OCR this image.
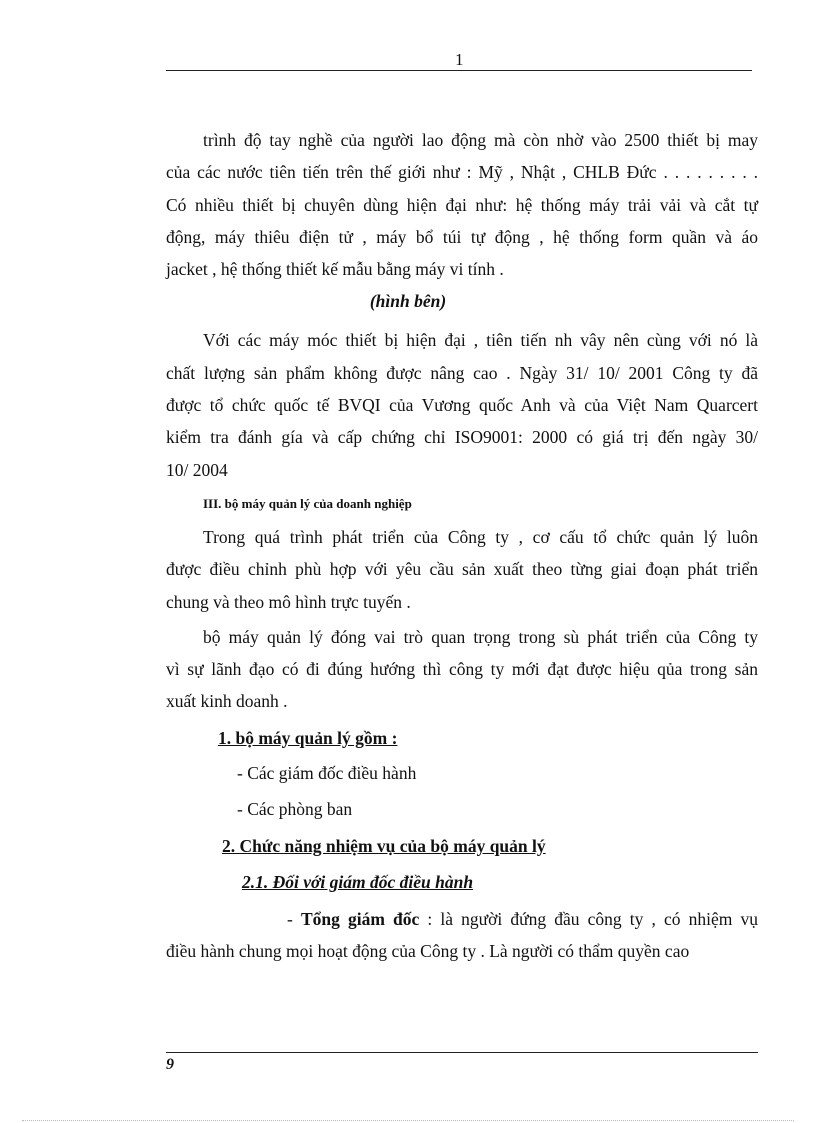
1
trình độ tay nghề của người lao động mà còn nhờ vào 2500 thiết bị may
của các nước tiên tiến trên thế giới như : Mỹ , Nhật , CHLB Đức . . . . . . . . .
Có nhiều thiết bị chuyên dùng hiện đại như: hệ thống máy trải vải và cắt tự
động, máy thiêu điện tử , máy bổ túi tự động , hệ thống form quần và áo
jacket , hệ thống thiết kế mẫu bằng máy vi tính .
(hình bên)
Với các máy móc thiết bị hiện đại , tiên tiến nh vây nên cùng với nó là
chất lượng sản phẩm không được nâng cao . Ngày 31/ 10/ 2001 Công ty đã
được tổ chức quốc tế BVQI của Vương quốc Anh và của Việt Nam Quarcert
kiểm tra đánh gía và cấp chứng chỉ ISO9001: 2000 có giá trị đến ngày 30/
10/ 2004
III. bộ máy quản lý của doanh nghiệp
Trong quá trình phát triển của Công ty , cơ cấu tổ chức quản lý luôn
được điều chỉnh phù hợp với yêu cầu sản xuất theo từng giai đoạn phát triển
chung và theo mô hình trực tuyến .
bộ máy quản lý đóng vai trò quan trọng trong sù phát triển của Công ty
vì sự lãnh đạo có đi đúng hướng thì công ty mới đạt được hiệu qủa trong sản
xuất kinh doanh .
1. bộ máy quản lý gồm :
- Các giám đốc điều hành
- Các phòng ban
2. Chức năng nhiệm vụ của bộ máy quản lý
2.1. Đối với giám đốc điều hành
- Tổng giám đốc : là người đứng đầu công ty , có nhiệm vụ
điều hành chung mọi hoạt động của Công ty . Là người có thẩm quyền cao
9
